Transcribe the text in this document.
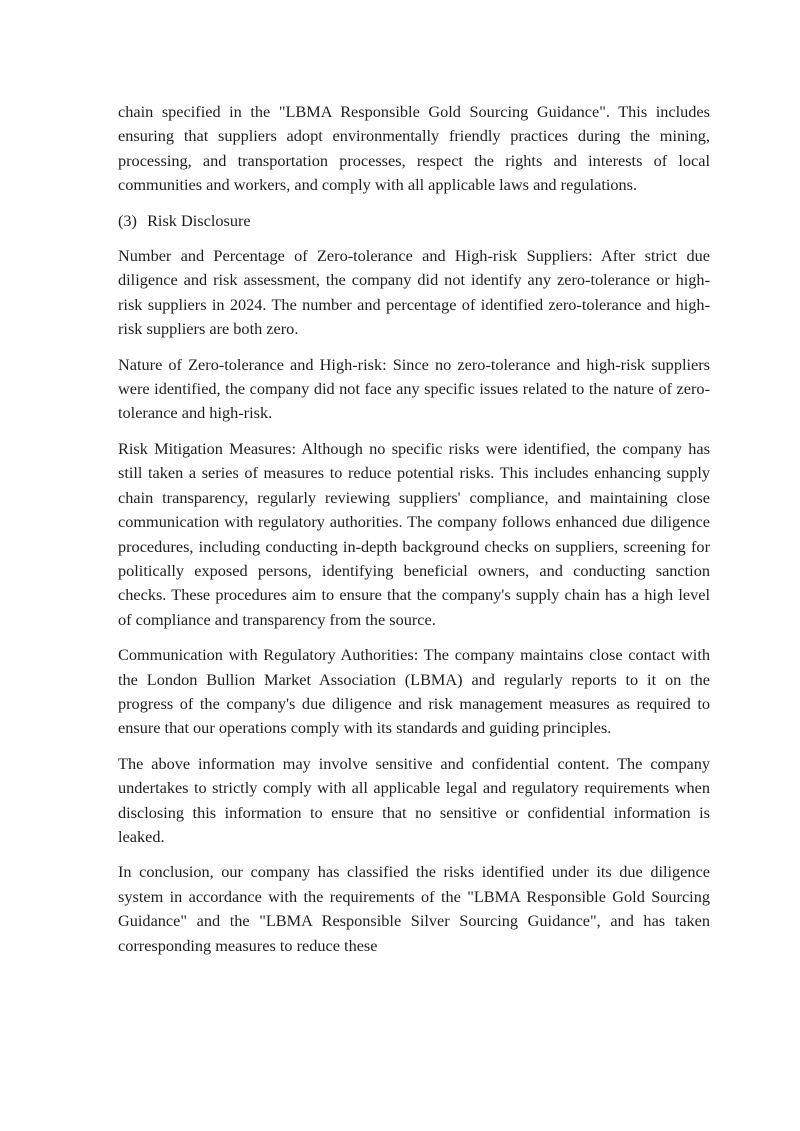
chain specified in the "LBMA Responsible Gold Sourcing Guidance". This includes ensuring that suppliers adopt environmentally friendly practices during the mining, processing, and transportation processes, respect the rights and interests of local communities and workers, and comply with all applicable laws and regulations.

(3) Risk Disclosure

Number and Percentage of Zero-tolerance and High-risk Suppliers: After strict due diligence and risk assessment, the company did not identify any zero-tolerance or high-risk suppliers in 2024. The number and percentage of identified zero-tolerance and high-risk suppliers are both zero.

Nature of Zero-tolerance and High-risk: Since no zero-tolerance and high-risk suppliers were identified, the company did not face any specific issues related to the nature of zero-tolerance and high-risk.

Risk Mitigation Measures: Although no specific risks were identified, the company has still taken a series of measures to reduce potential risks. This includes enhancing supply chain transparency, regularly reviewing suppliers' compliance, and maintaining close communication with regulatory authorities. The company follows enhanced due diligence procedures, including conducting in-depth background checks on suppliers, screening for politically exposed persons, identifying beneficial owners, and conducting sanction checks. These procedures aim to ensure that the company's supply chain has a high level of compliance and transparency from the source.

Communication with Regulatory Authorities: The company maintains close contact with the London Bullion Market Association (LBMA) and regularly reports to it on the progress of the company's due diligence and risk management measures as required to ensure that our operations comply with its standards and guiding principles.

The above information may involve sensitive and confidential content. The company undertakes to strictly comply with all applicable legal and regulatory requirements when disclosing this information to ensure that no sensitive or confidential information is leaked.

In conclusion, our company has classified the risks identified under its due diligence system in accordance with the requirements of the "LBMA Responsible Gold Sourcing Guidance" and the "LBMA Responsible Silver Sourcing Guidance", and has taken corresponding measures to reduce these
